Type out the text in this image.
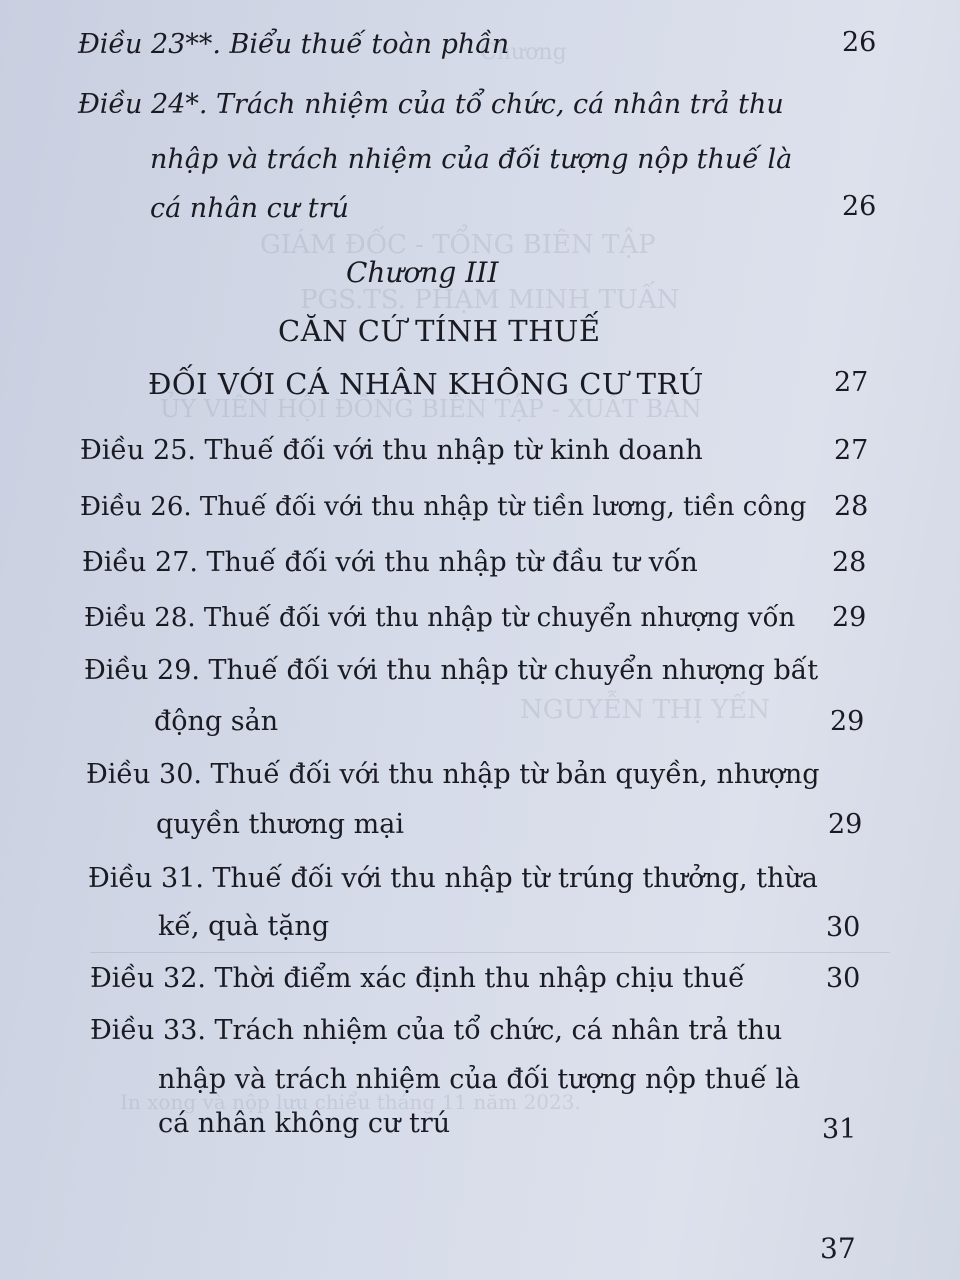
Chương
GIÁM ĐỐC - TỔNG BIÊN TẬP
PGS.TS. PHẠM MINH TUẤN
ỦY VIÊN HỘI ĐỒNG BIÊN TẬP - XUẤT BẢN
NGUYỄN THỊ YẾN
In xong và nộp lưu chiểu tháng 11 năm 2023.
Điều 23**. Biểu thuế toàn phần	26
Điều 24*. Trách nhiệm của tổ chức, cá nhân trả thu
nhập và trách nhiệm của đối tượng nộp thuế là
cá nhân cư trú	26
Chương III
CĂN CỨ TÍNH THUẾ
ĐỐI VỚI CÁ NHÂN KHÔNG CƯ TRÚ	27
Điều 25. Thuế đối với thu nhập từ kinh doanh	27
Điều 26. Thuế đối với thu nhập từ tiền lương, tiền công 28
Điều 27. Thuế đối với thu nhập từ đầu tư vốn	28
Điều 28. Thuế đối với thu nhập từ chuyển nhượng vốn 29
Điều 29. Thuế đối với thu nhập từ chuyển nhượng bất
động sản	29
Điều 30. Thuế đối với thu nhập từ bản quyền, nhượng
quyền thương mại	29
Điều 31. Thuế đối với thu nhập từ trúng thưởng, thừa
kế, quà tặng	30
Điều 32. Thời điểm xác định thu nhập chịu thuế	30
Điều 33. Trách nhiệm của tổ chức, cá nhân trả thu
nhập và trách nhiệm của đối tượng nộp thuế là
cá nhân không cư trú	31
37
